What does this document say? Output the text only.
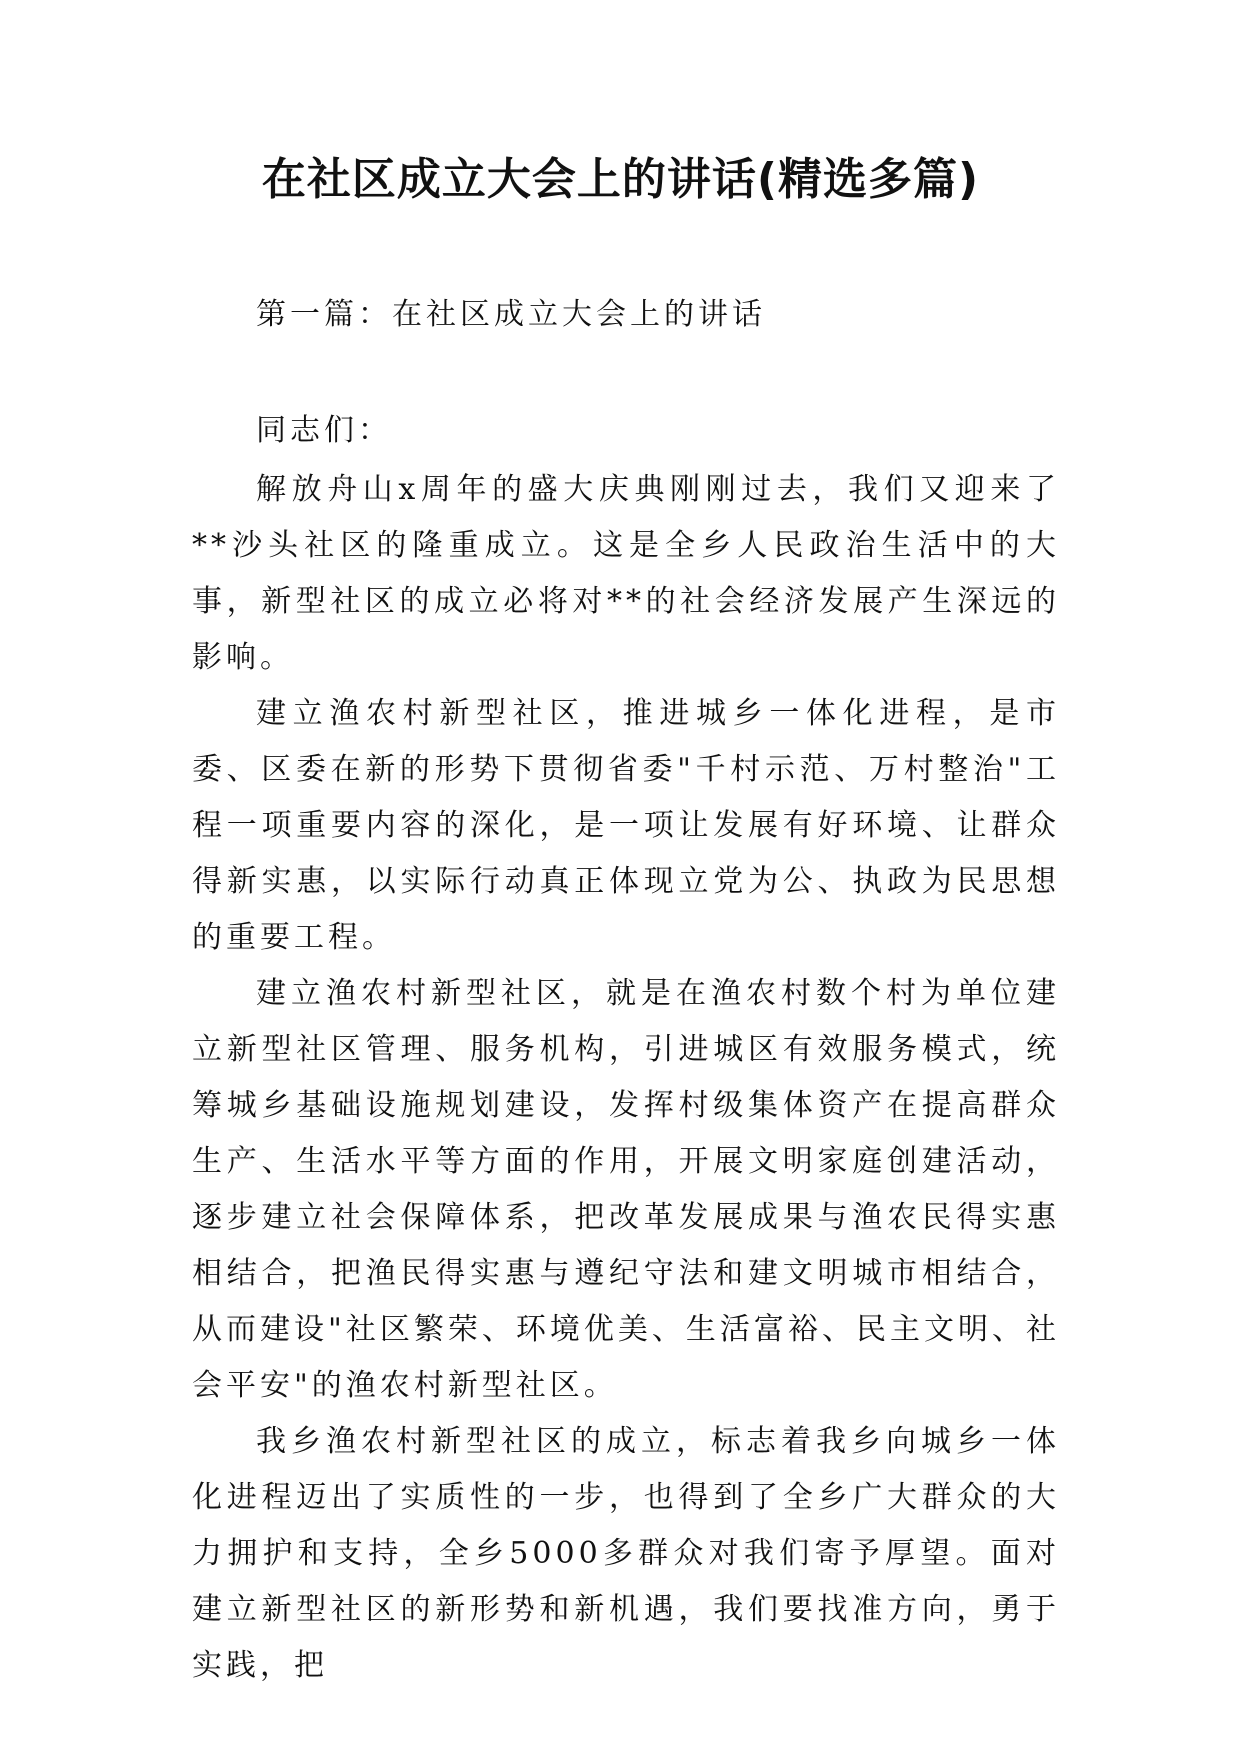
在社区成立大会上的讲话(精选多篇)

第一篇：在社区成立大会上的讲话

同志们：

解放舟山x周年的盛大庆典刚刚过去，我们又迎来了**沙头社区的隆重成立。这是全乡人民政治生活中的大事，新型社区的成立必将对**的社会经济发展产生深远的影响。

建立渔农村新型社区，推进城乡一体化进程，是市委、区委在新的形势下贯彻省委"千村示范、万村整治"工程一项重要内容的深化，是一项让发展有好环境、让群众得新实惠，以实际行动真正体现立党为公、执政为民思想的重要工程。

建立渔农村新型社区，就是在渔农村数个村为单位建立新型社区管理、服务机构，引进城区有效服务模式，统筹城乡基础设施规划建设，发挥村级集体资产在提高群众生产、生活水平等方面的作用，开展文明家庭创建活动，逐步建立社会保障体系，把改革发展成果与渔农民得实惠相结合，把渔民得实惠与遵纪守法和建文明城市相结合，从而建设"社区繁荣、环境优美、生活富裕、民主文明、社会平安"的渔农村新型社区。

我乡渔农村新型社区的成立，标志着我乡向城乡一体化进程迈出了实质性的一步，也得到了全乡广大群众的大力拥护和支持，全乡5000多群众对我们寄予厚望。面对建立新型社区的新形势和新机遇，我们要找准方向，勇于实践，把
